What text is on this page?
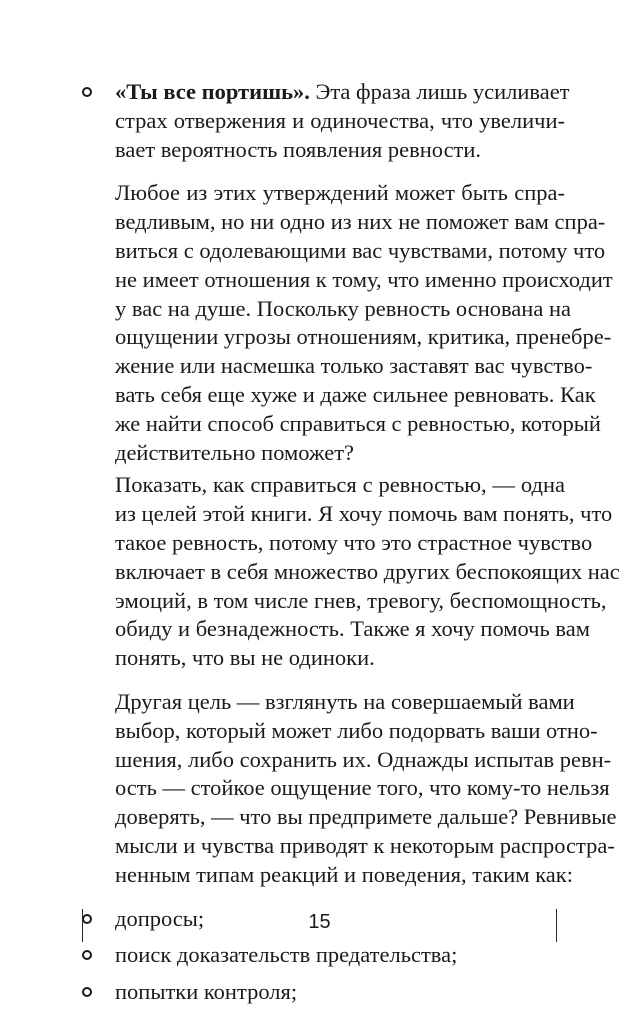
«Ты все портишь». Эта фраза лишь усиливает
страх отвержения и одиночества, что увеличи-
вает вероятность появления ревности.
Любое из этих утверждений может быть спра-
ведливым, но ни одно из них не поможет вам спра-
виться с одолевающими вас чувствами, потому что
не имеет отношения к тому, что именно происходит
у вас на душе. Поскольку ревность основана на
ощущении угрозы отношениям, критика, пренебре-
жение или насмешка только заставят вас чувство-
вать себя еще хуже и даже сильнее ревновать. Как
же найти способ справиться с ревностью, который
действительно поможет?
Показать, как справиться с ревностью, — одна
из целей этой книги. Я хочу помочь вам понять, что
такое ревность, потому что это страстное чувство
включает в себя множество других беспокоящих нас
эмоций, в том числе гнев, тревогу, беспомощность,
обиду и безнадежность. Также я хочу помочь вам
понять, что вы не одиноки.
Другая цель — взглянуть на совершаемый вами
выбор, который может либо подорвать ваши отно-
шения, либо сохранить их. Однажды испытав ревн-
ость — стойкое ощущение того, что кому-то нельзя
доверять, — что вы предпримете дальше? Ревнивые
мысли и чувства приводят к некоторым распростра-
ненным типам реакций и поведения, таким как:
допросы;
поиск доказательств предательства;
попытки контроля;
15
